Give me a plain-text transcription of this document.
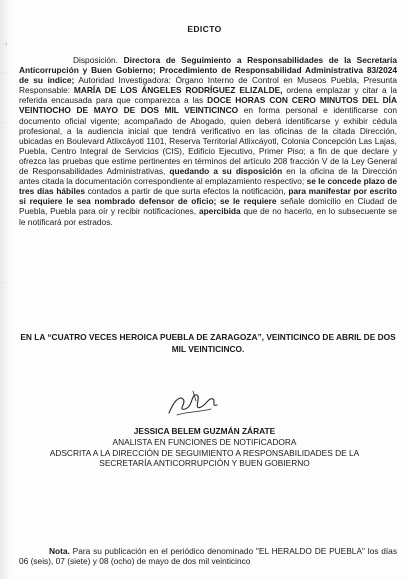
ㄱ
·
·
·
EDICTO
Disposición. Directora de Seguimiento a Responsabilidades de la Secretaría Anticorrupción y Buen Gobierno; Procedimiento de Responsabilidad Administrativa 83/2024 de su índice; Autoridad Investigadora: Órgano Interno de Control en Museos Puebla, Presunta Responsable: MARÍA DE LOS ÁNGELES RODRÍGUEZ ELIZALDE, ordena emplazar y citar a la referida encausada para que comparezca a las DOCE HORAS CON CERO MINUTOS DEL DÍA VEINTIOCHO DE MAYO DE DOS MIL VEINTICINCO en forma personal e identificarse con documento oficial vigente; acompañado de Abogado, quien deberá identificarse y exhibir cédula profesional, a la audiencia inicial que tendrá verificativo en las oficinas de la citada Dirección, ubicadas en Boulevard Atlixcáyotl 1101, Reserva Territorial Atlixcáyotl, Colonia Concepción Las Lajas, Puebla, Centro Integral de Servicios (CIS), Edificio Ejecutivo, Primer Piso; a fin de que declare y ofrezca las pruebas que estime pertinentes en términos del artículo 208 fracción V de la Ley General de Responsabilidades Administrativas, quedando a su disposición en la oficina de la Dirección antes citada la documentación correspondiente al emplazamiento respectivo; se le concede plazo de tres días hábiles contados a partir de que surta efectos la notificación, para manifestar por escrito si requiere le sea nombrado defensor de oficio; se le requiere señale domicilio en Ciudad de Puebla, Puebla para oír y recibir notificaciones, apercibida que de no hacerlo, en lo subsecuente se le notificará por estrados.
EN LA “CUATRO VECES HEROICA PUEBLA DE ZARAGOZA”, VEINTICINCO DE ABRIL DE DOS MIL VEINTICINCO.
JESSICA BELEM GUZMÁN ZÁRATE
ANALISTA EN FUNCIONES DE NOTIFICADORA
ADSCRITA A LA DIRECCIÓN DE SEGUIMIENTO A RESPONSABILIDADES DE LA
SECRETARÍA ANTICORRUPCIÓN Y BUEN GOBIERNO
Nota. Para su publicación en el periódico denominado "EL HERALDO DE PUEBLA" los días 06 (seis), 07 (siete) y 08 (ocho) de mayo de dos mil veinticinco
